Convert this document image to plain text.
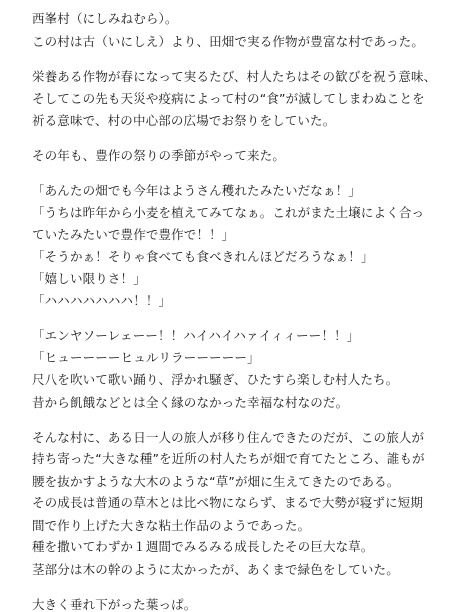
西峯村（にしみねむら）。
この村は古（いにしえ）より、田畑で実る作物が豊富な村であった。
栄養ある作物が春になって実るたび、村人たちはその歓びを祝う意味、
そしてこの先も天災や疫病によって村の“食”が滅してしまわぬことを
祈る意味で、村の中心部の広場でお祭りをしていた。
その年も、豊作の祭りの季節がやって来た。
「あんたの畑でも今年はようさん穫れたみたいだなぁ！」
「うちは昨年から小麦を植えてみてなぁ。これがまた土壌によく合っ
ていたみたいで豊作で豊作で！！」
「そうかぁ！そりゃ食べても食べきれんほどだろうなぁ！」
「嬉しい限りさ！」
「ハハハハハハハ！！」
「エンヤソーレェーー！！ハイハイハァイィィーー！！」
「ヒューーーーヒュルリラーーーーー」
尺八を吹いて歌い踊り、浮かれ騒ぎ、ひたすら楽しむ村人たち。
昔から飢餓などとは全く縁のなかった幸福な村なのだ。
そんな村に、ある日一人の旅人が移り住んできたのだが、この旅人が
持ち寄った“大きな種”を近所の村人たちが畑で育てたところ、誰もが
腰を抜かすような大木のような“草”が畑に生えてきたのである。
その成長は普通の草木とは比べ物にならず、まるで大勢が寝ずに短期
間で作り上げた大きな粘土作品のようであった。
種を撒いてわずか１週間でみるみる成長したその巨大な草。
茎部分は木の幹のように太かったが、あくまで緑色をしていた。
大きく垂れ下がった葉っぱ。
